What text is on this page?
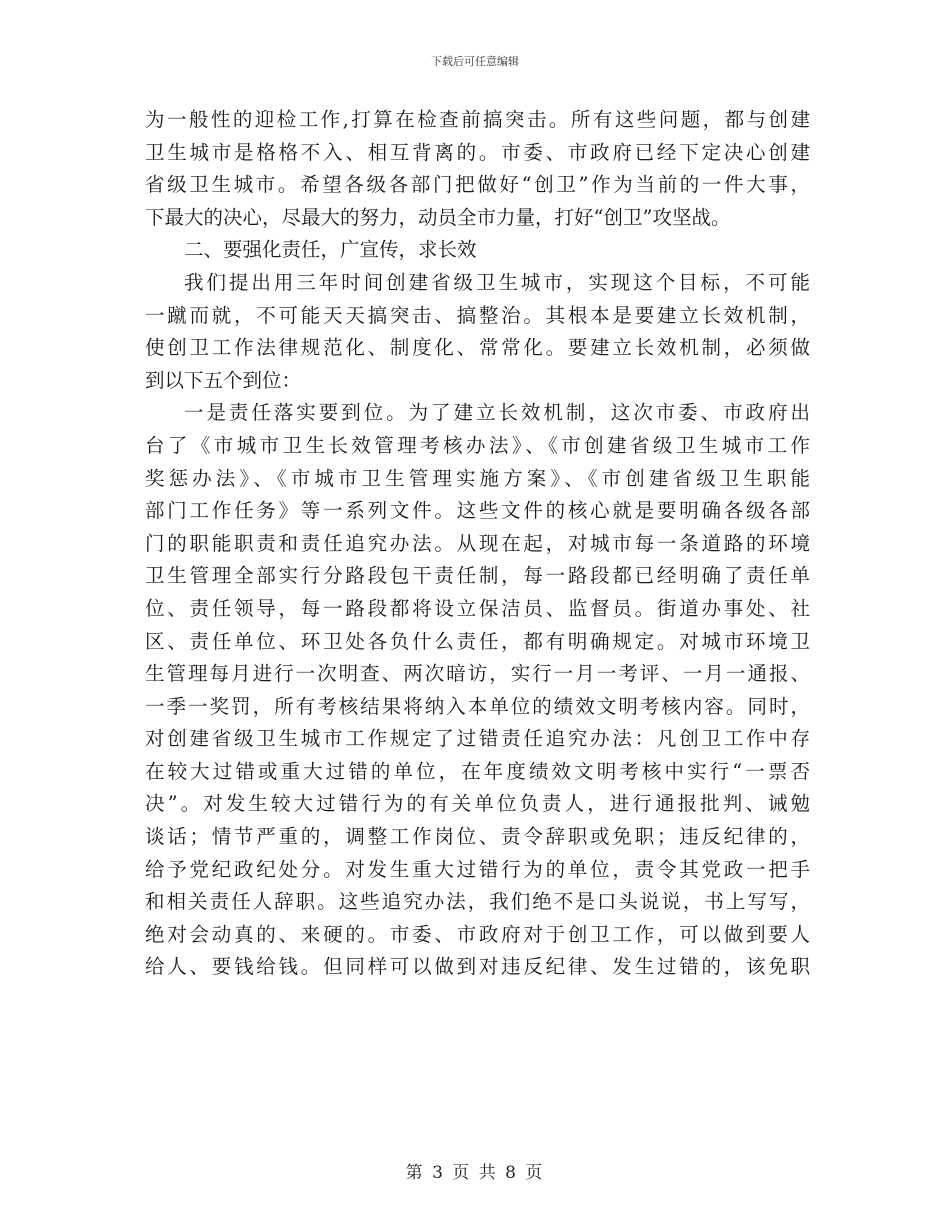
下载后可任意编辑
为一般性的迎检工作,打算在检查前搞突击。所有这些问题，都与创建
卫生城市是格格不入、相互背离的。市委、市政府已经下定决心创建
省级卫生城市。希望各级各部门把做好“创卫”作为当前的一件大事，
下最大的决心，尽最大的努力，动员全市力量，打好“创卫”攻坚战。
二、要强化责任，广宣传，求长效
我们提出用三年时间创建省级卫生城市，实现这个目标，不可能
一蹴而就，不可能天天搞突击、搞整治。其根本是要建立长效机制，
使创卫工作法律规范化、制度化、常常化。要建立长效机制，必须做
到以下五个到位：
一是责任落实要到位。为了建立长效机制，这次市委、市政府出
台了《市城市卫生长效管理考核办法》、《市创建省级卫生城市工作
奖惩办法》、《市城市卫生管理实施方案》、《市创建省级卫生职能
部门工作任务》等一系列文件。这些文件的核心就是要明确各级各部
门的职能职责和责任追究办法。从现在起，对城市每一条道路的环境
卫生管理全部实行分路段包干责任制，每一路段都已经明确了责任单
位、责任领导，每一路段都将设立保洁员、监督员。街道办事处、社
区、责任单位、环卫处各负什么责任，都有明确规定。对城市环境卫
生管理每月进行一次明查、两次暗访，实行一月一考评、一月一通报、
一季一奖罚，所有考核结果将纳入本单位的绩效文明考核内容。同时，
对创建省级卫生城市工作规定了过错责任追究办法：凡创卫工作中存
在较大过错或重大过错的单位，在年度绩效文明考核中实行“一票否
决”。对发生较大过错行为的有关单位负责人，进行通报批判、诫勉
谈话；情节严重的，调整工作岗位、责令辞职或免职；违反纪律的，
给予党纪政纪处分。对发生重大过错行为的单位，责令其党政一把手
和相关责任人辞职。这些追究办法，我们绝不是口头说说，书上写写，
绝对会动真的、来硬的。市委、市政府对于创卫工作，可以做到要人
给人、要钱给钱。但同样可以做到对违反纪律、发生过错的，该免职
第 3 页 共 8 页
